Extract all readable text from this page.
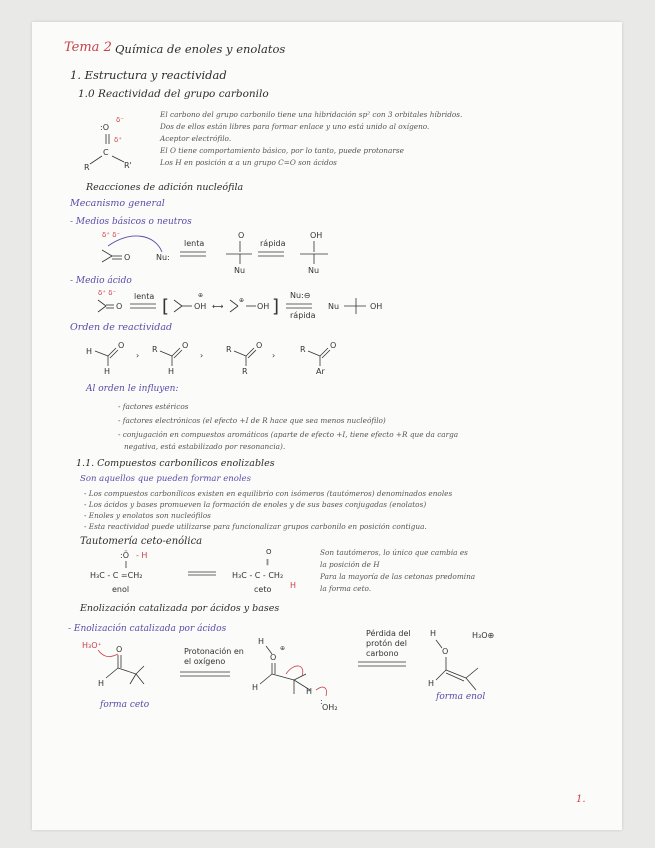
Tema 2 Química de enoles y enolatos
1. Estructura y reactividad
1.0 Reactividad del grupo carbonilo
:O
δ⁻
δ⁺
C
R	R'
El carbono del grupo carbonilo tiene una hibridación sp² con 3 orbitales híbridos.
Dos de ellos están libres para formar enlace y uno está unido al oxígeno.
Aceptor electrófilo.
El O tiene comportamiento básico, por lo tanto, puede protonarse
Los H en posición α a un grupo C=O son ácidos
Reacciones de adición nucleófila
Mecanismo general
- Medios básicos o neutros
δ⁺ δ⁻
O	Nu:
lenta
O
Nu
rápida
OH
Nu
- Medio ácido
δ⁺ δ⁻
O
lenta [	OH
⊕
⟷
⊕
OH ]
Nu:⊖
rápida
Nu	OH
Orden de reactividad
H
O
H
›
R	O
H
›
R	O
R
›
R	O
Ar
Al orden le influyen:
- factores estéricos
- factores electrónicos (el efecto +I de R hace que sea menos nucleófilo)
- conjugación en compuestos aromáticos (aparte de efecto +I, tiene efecto +R que da carga
negativa, está estabilizado por resonancia).
1.1. Compuestos carbonílicos enolizables
Son aquellos que pueden formar enoles
- Los compuestos carbonílicos existen en equilibrio con isómeros (tautómeros) denominados enoles
- Los ácidos y bases promueven la formación de enoles y de sus bases conjugadas (enolatos)
- Enoles y enolatos son nucleófilos
- Esta reactividad puede utilizarse para funcionalizar grupos carbonilo en posición contigua.
Tautomería ceto-enólica
:Ö - H
H₃C - C =CH₂
enol
O
‖
H₃C - C - CH₂
H
ceto
Son tautómeros, lo único que cambia es
la posición de H
Para la mayoría de las cetonas predomina
la forma ceto.
Enolización catalizada por ácidos y bases
- Enolización catalizada por ácidos
H₃O⁺ O
H
Protonación en
el oxígeno
H
O
⊕
H	H
:
OH₂
Pérdida del
protón del
carbono
H
O
H
H₃O⊕
forma ceto
forma enol
1.
